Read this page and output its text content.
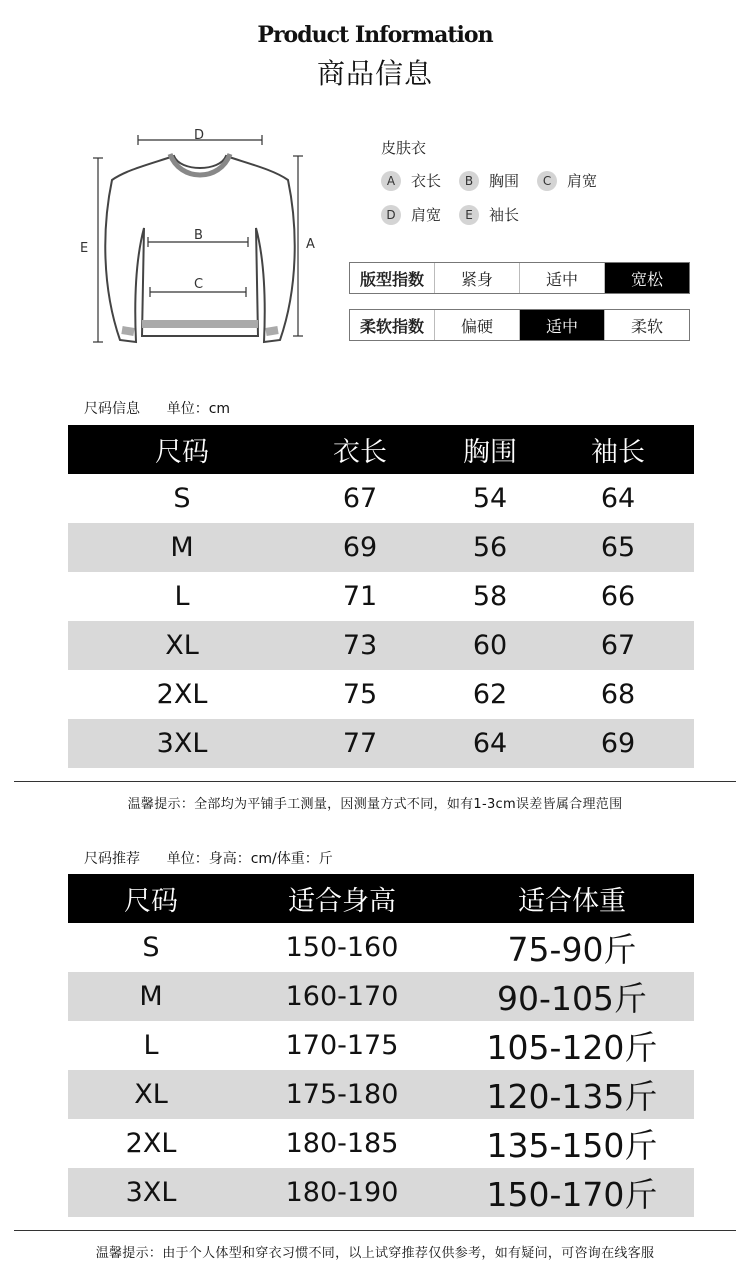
Product Information
商品信息
D
B
C
A
E
皮肤衣
A	衣长	B	胸围	C	肩宽
D	肩宽	E	袖长
版型指数	紧身	适中	宽松
柔软指数	偏硬	适中	柔软
尺码信息      单位：cm
尺码	衣长	胸围	袖长
S	67	54	64
M	69	56	65
L	71	58	66
XL	73	60	67
2XL	75	62	68
3XL	77	64	69
温馨提示：全部均为平铺手工测量，因测量方式不同，如有1-3cm误差皆属合理范围
尺码推荐      单位：身高：cm/体重：斤
尺码	适合身高	适合体重
S	150-160	75-90斤
M	160-170	90-105斤
L	170-175	105-120斤
XL	175-180	120-135斤
2XL	180-185	135-150斤
3XL	180-190	150-170斤
温馨提示：由于个人体型和穿衣习惯不同，以上试穿推荐仅供参考，如有疑问，可咨询在线客服
